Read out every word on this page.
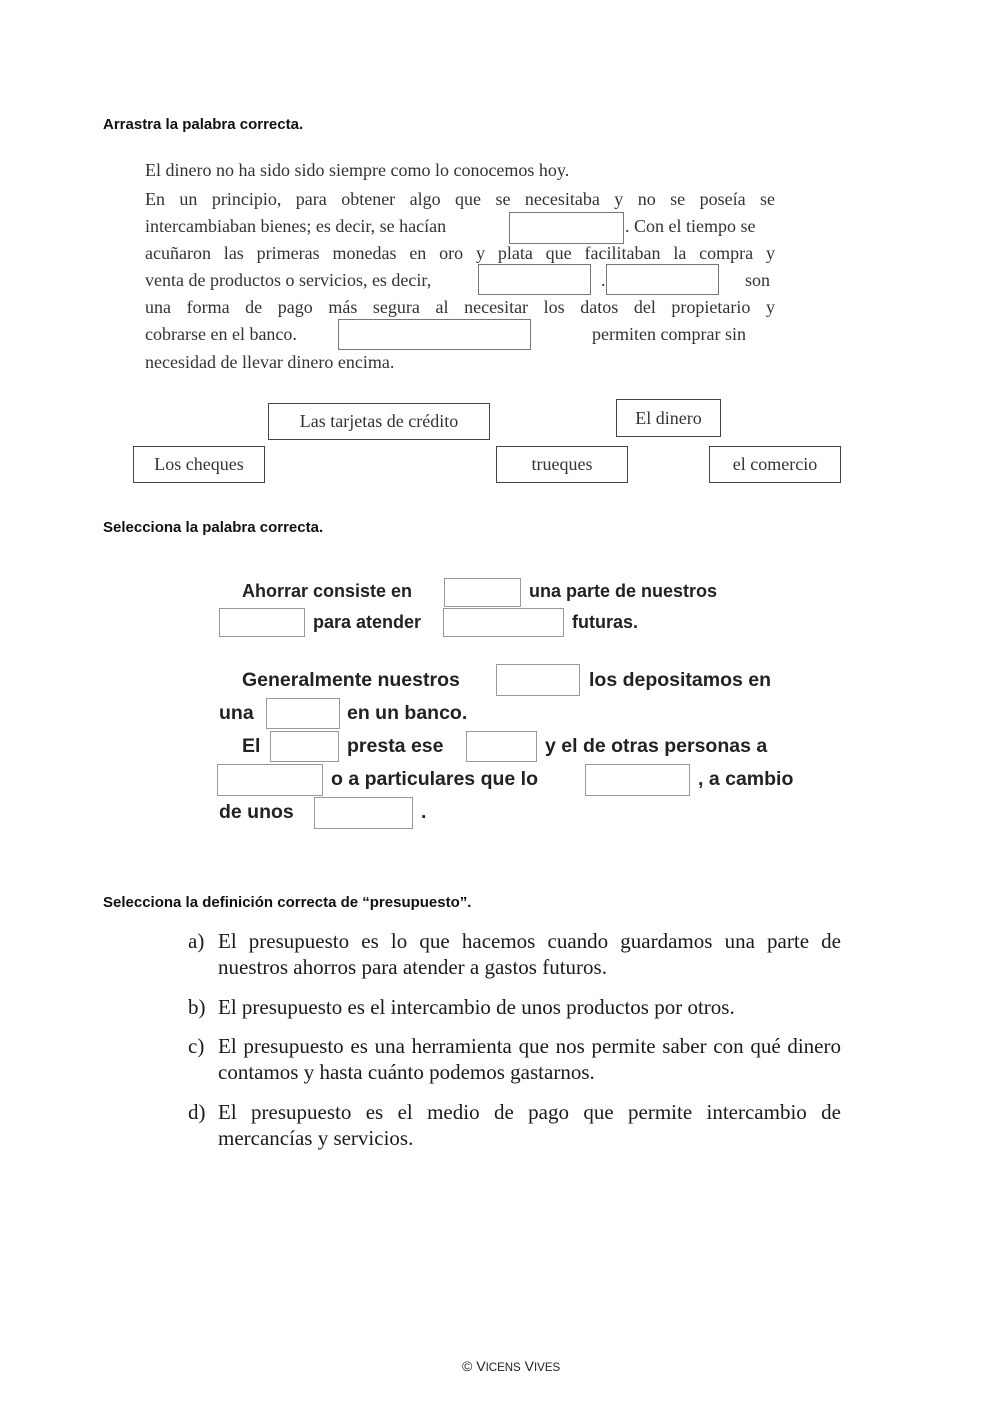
Arrastra la palabra correcta.
El dinero no ha sido sido siempre como lo conocemos hoy.
En un principio, para obtener algo que se necesitaba y no se poseía se
intercambiaban bienes; es decir, se hacían	. Con el tiempo se
acuñaron las primeras monedas en oro y plata que facilitaban la compra y
venta de productos o servicios, es decir,	.	son
una forma de pago más segura al necesitar los datos del propietario y
cobrarse en el banco.	permiten comprar sin
necesidad de llevar dinero encima.
Las tarjetas de crédito	El dinero
Los cheques	trueques	el comercio
Selecciona la palabra correcta.
Ahorrar consiste en	una parte de nuestros
para atender	futuras.
Generalmente nuestros	los depositamos en
una	en un banco.
El	presta ese	y el de otras personas a
o a particulares que lo	, a cambio
de unos	.
Selecciona la definición correcta de “presupuesto”.
a) El presupuesto es lo que hacemos cuando guardamos una parte de nuestros ahorros para atender a gastos futuros.
b) El presupuesto es el intercambio de unos productos por otros.
c) El presupuesto es una herramienta que nos permite saber con qué dinero contamos y hasta cuánto podemos gastarnos.
d) El presupuesto es el medio de pago que permite intercambio de mercancías y servicios.
© VICENS VIVES
